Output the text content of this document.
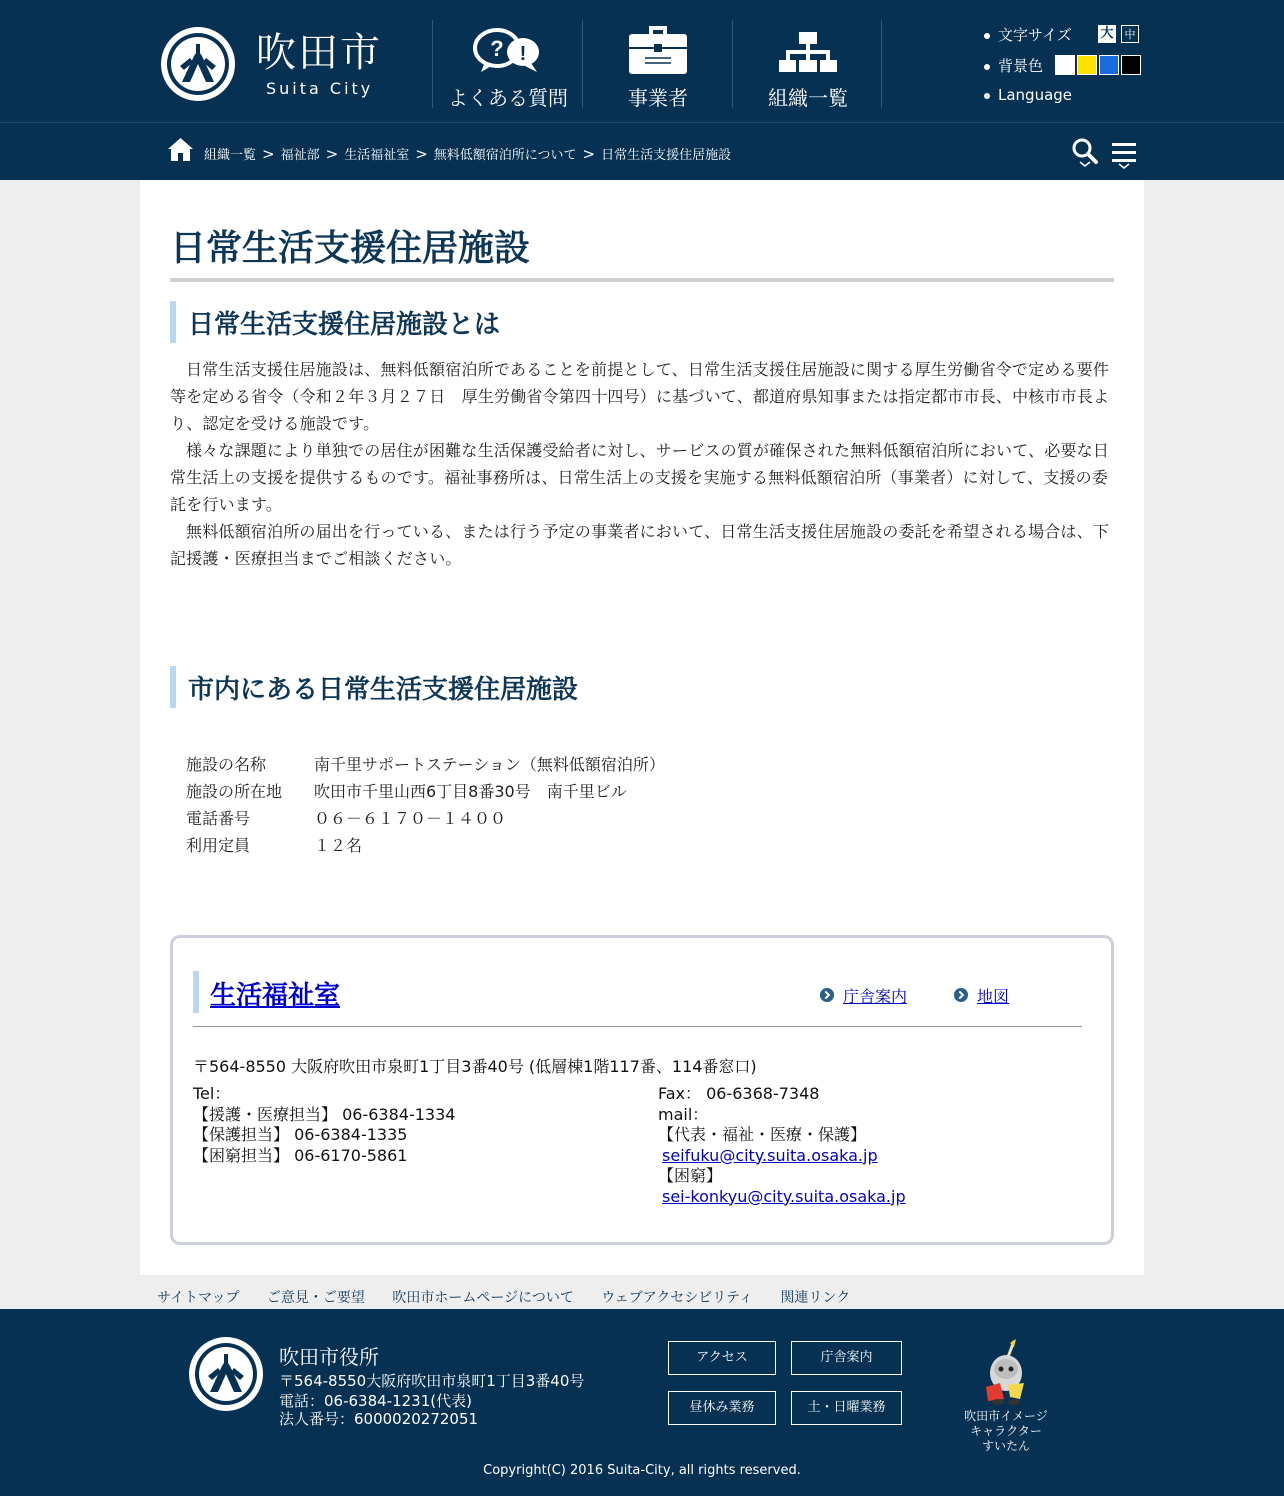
吹田市
Suita City
? !
よくある質問	事業者	組織一覧
文字サイズ 大	中
背景色
Language
組織一覧 > 福祉部 > 生活福祉室 > 無料低額宿泊所について > 日常生活支援住居施設
日常生活支援住居施設
日常生活支援住居施設とは

日常生活支援住居施設は、無料低額宿泊所であることを前提として、日常生活支援住居施設に関する厚生労働省令で定める要件等を定める省令（令和２年３月２７日　厚生労働省令第四十四号）に基づいて、都道府県知事または指定都市市長、中核市市長より、認定を受ける施設です。

様々な課題により単独での居住が困難な生活保護受給者に対し、サービスの質が確保された無料低額宿泊所において、必要な日常生活上の支援を提供するものです。福祉事務所は、日常生活上の支援を実施する無料低額宿泊所（事業者）に対して、支援の委託を行います。

無料低額宿泊所の届出を行っている、または行う予定の事業者において、日常生活支援住居施設の委託を希望される場合は、下記援護・医療担当までご相談ください。

市内にある日常生活支援住居施設
施設の名称	南千里サポートステーション（無料低額宿泊所）
施設の所在地 吹田市千里山西6丁目8番30号　南千里ビル
電話番号	０６－６１７０－１４００
利用定員	１２名
生活福祉室	庁舎案内	地図
〒564-8550 大阪府吹田市泉町1丁目3番40号 (低層棟1階117番、114番窓口)
Tel：
【援護・医療担当】 06-6384-1334
【保護担当】 06-6384-1335
【困窮担当】 06-6170-5861
Fax： 06-6368-7348
mail：
【代表・福祉・医療・保護】
seifuku@city.suita.osaka.jp
【困窮】
sei-konkyu@city.suita.osaka.jp
サイトマップ ご意見・ご要望 吹田市ホームページについて ウェブアクセシビリティ 関連リンク
吹田市役所
〒564-8550大阪府吹田市泉町1丁目3番40号
電話：06-6384-1231(代表)
法人番号：6000020272051
アクセス	庁舎案内
昼休み業務	土・日曜業務
吹田市イメージ
キャラクター
すいたん
Copyright(C) 2016 Suita-City, all rights reserved.
